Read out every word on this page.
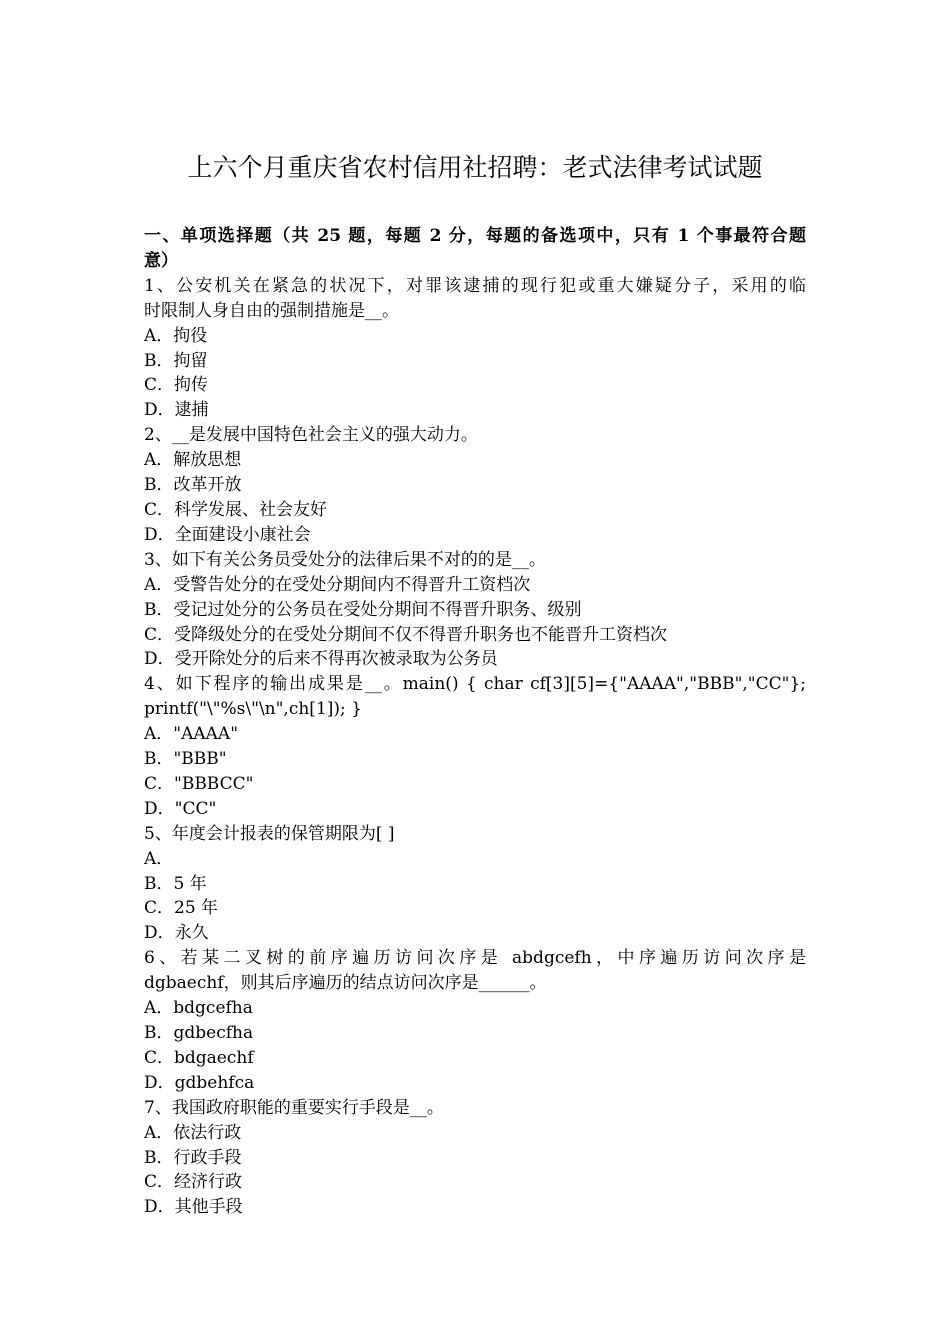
上六个月重庆省农村信用社招聘：老式法律考试试题
一、单项选择题（共 25 题，每题 2 分，每题的备选项中，只有 1 个事最符合题
意）
1、公安机关在紧急的状况下，对罪该逮捕的现行犯或重大嫌疑分子，采用的临
时限制人身自由的强制措施是__。
A．拘役
B．拘留
C．拘传
D．逮捕
2、__是发展中国特色社会主义的强大动力。
A．解放思想
B．改革开放
C．科学发展、社会友好
D．全面建设小康社会
3、如下有关公务员受处分的法律后果不对的的是__。
A．受警告处分的在受处分期间内不得晋升工资档次
B．受记过处分的公务员在受处分期间不得晋升职务、级别
C．受降级处分的在受处分期间不仅不得晋升职务也不能晋升工资档次
D．受开除处分的后来不得再次被录取为公务员
4、如下程序的输出成果是__。main() { char cf[3][5]={"AAAA","BBB","CC"};
printf("\"%s\"\n",ch[1]); }
A．"AAAA"
B．"BBB"
C．"BBBCC"
D．"CC"
5、年度会计报表的保管期限为[ ]
A．
B．5 年
C．25 年
D．永久
6、若某二叉树的前序遍历访问次序是 abdgcefh，中序遍历访问次序是
dgbaechf，则其后序遍历的结点访问次序是______。
A．bdgcefha
B．gdbecfha
C．bdgaechf
D．gdbehfca
7、我国政府职能的重要实行手段是__。
A．依法行政
B．行政手段
C．经济行政
D．其他手段
